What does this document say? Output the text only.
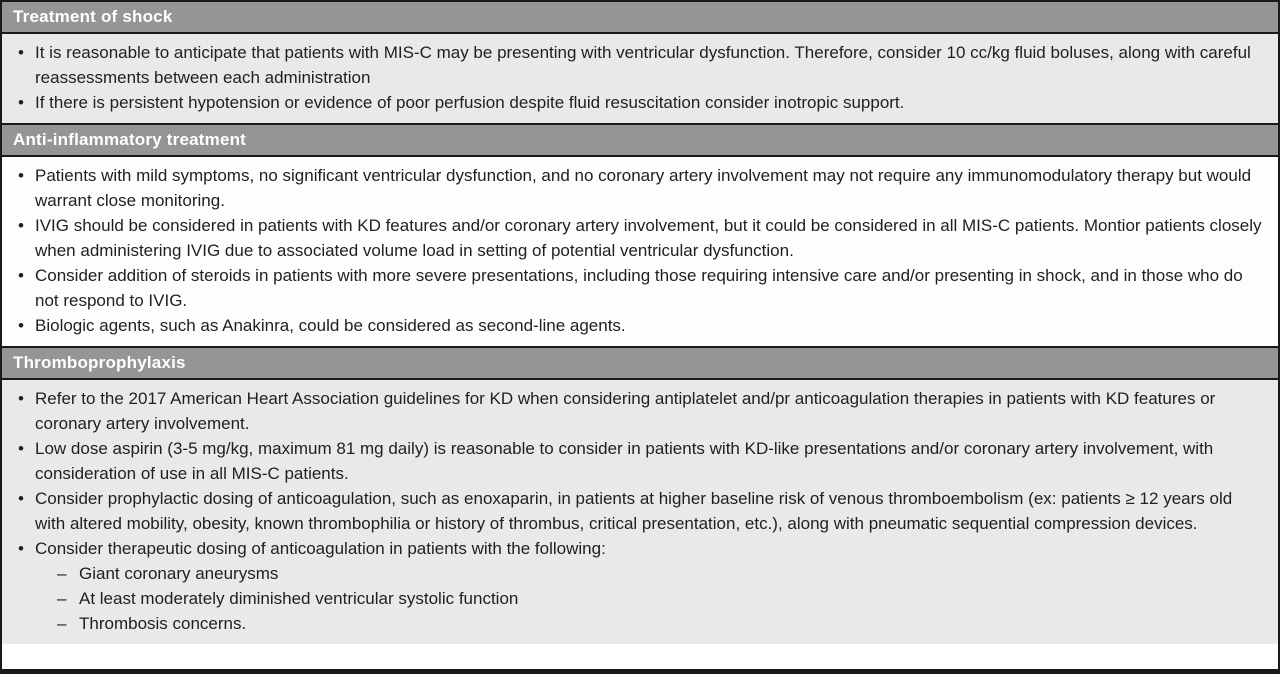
Treatment of shock
• It is reasonable to anticipate that patients with MIS-C may be presenting with ventricular dysfunction. Therefore, consider 10 cc/kg fluid boluses, along with careful reassessments between each administration
• If there is persistent hypotension or evidence of poor perfusion despite fluid resuscitation consider inotropic support.
Anti-inflammatory treatment
• Patients with mild symptoms, no significant ventricular dysfunction, and no coronary artery involvement may not require any immunomodulatory therapy but would warrant close monitoring.
• IVIG should be considered in patients with KD features and/or coronary artery involvement, but it could be considered in all MIS-C patients. Montior patients closely when administering IVIG due to associated volume load in setting of potential ventricular dysfunction.
• Consider addition of steroids in patients with more severe presentations, including those requiring intensive care and/or presenting in shock, and in those who do not respond to IVIG.
• Biologic agents, such as Anakinra, could be considered as second-line agents.
Thromboprophylaxis
• Refer to the 2017 American Heart Association guidelines for KD when considering antiplatelet and/pr anticoagulation therapies in patients with KD features or coronary artery involvement.
• Low dose aspirin (3-5 mg/kg, maximum 81 mg daily) is reasonable to consider in patients with KD-like presentations and/or coronary artery involvement, with consideration of use in all MIS-C patients.
• Consider prophylactic dosing of anticoagulation, such as enoxaparin, in patients at higher baseline risk of venous thromboembolism (ex: patients ≥ 12 years old with altered mobility, obesity, known thrombophilia or history of thrombus, critical presentation, etc.), along with pneumatic sequential compression devices.
• Consider therapeutic dosing of anticoagulation in patients with the following:
– Giant coronary aneurysms
– At least moderately diminished ventricular systolic function
– Thrombosis concerns.
